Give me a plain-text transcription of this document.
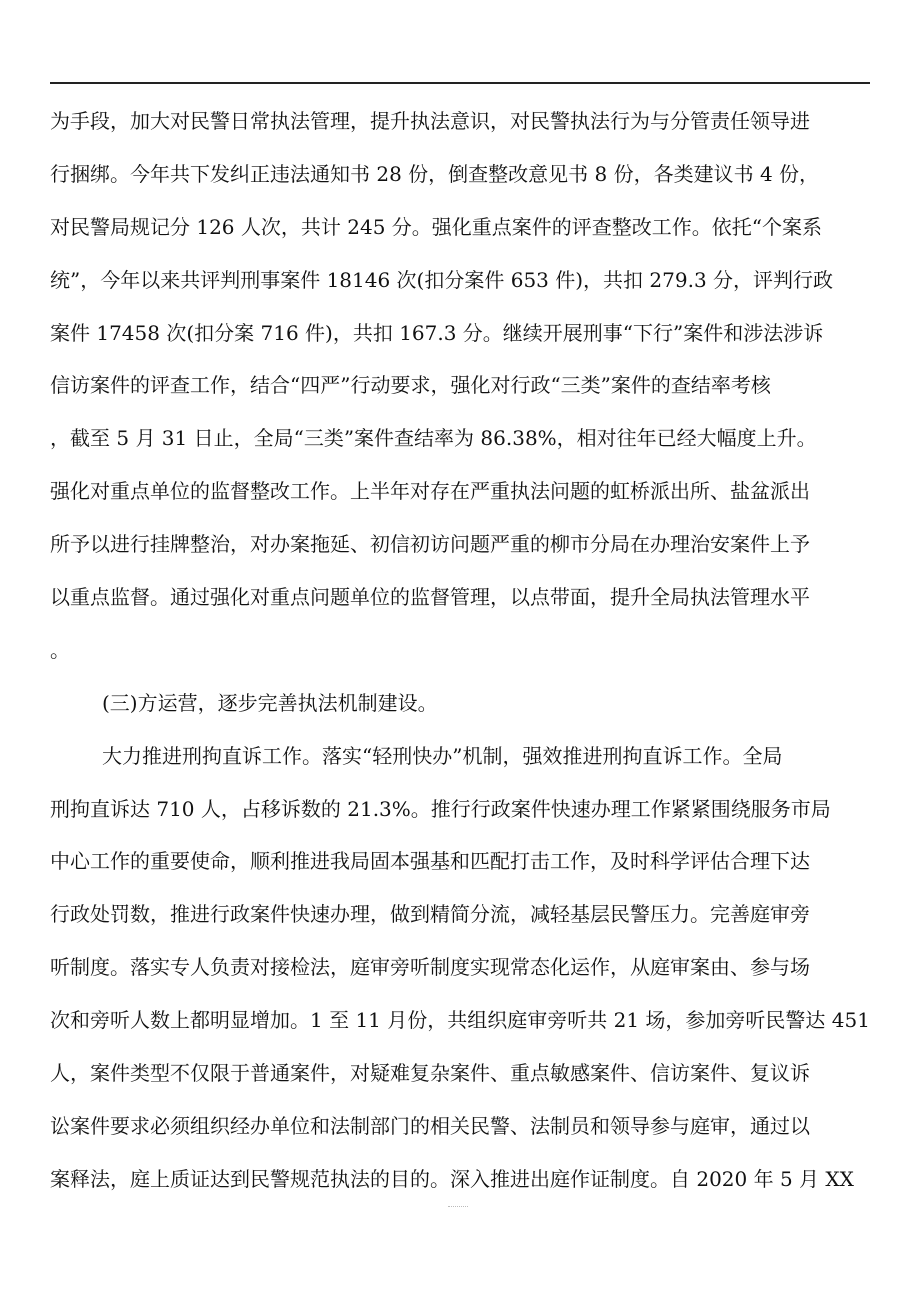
为手段，加大对民警日常执法管理，提升执法意识，对民警执法行为与分管责任领导进
行捆绑。今年共下发纠正违法通知书 28 份，倒查整改意见书 8 份，各类建议书 4 份，
对民警局规记分 126 人次，共计 245 分。强化重点案件的评查整改工作。依托“个案系
统”，今年以来共评判刑事案件 18146 次(扣分案件 653 件)，共扣 279.3 分，评判行政
案件 17458 次(扣分案 716 件)，共扣 167.3 分。继续开展刑事“下行”案件和涉法涉诉
信访案件的评查工作，结合“四严”行动要求，强化对行政“三类”案件的查结率考核
，截至 5 月 31 日止，全局“三类”案件查结率为 86.38%，相对往年已经大幅度上升。
强化对重点单位的监督整改工作。上半年对存在严重执法问题的虹桥派出所、盐盆派出
所予以进行挂牌整治，对办案拖延、初信初访问题严重的柳市分局在办理治安案件上予
以重点监督。通过强化对重点问题单位的监督管理，以点带面，提升全局执法管理水平
。
(三)方运营，逐步完善执法机制建设。
大力推进刑拘直诉工作。落实“轻刑快办”机制，强效推进刑拘直诉工作。全局
刑拘直诉达 710 人，占移诉数的 21.3%。推行行政案件快速办理工作紧紧围绕服务市局
中心工作的重要使命，顺利推进我局固本强基和匹配打击工作，及时科学评估合理下达
行政处罚数，推进行政案件快速办理，做到精简分流，减轻基层民警压力。完善庭审旁
听制度。落实专人负责对接检法，庭审旁听制度实现常态化运作，从庭审案由、参与场
次和旁听人数上都明显增加。1 至 11 月份，共组织庭审旁听共 21 场，参加旁听民警达 451
人，案件类型不仅限于普通案件，对疑难复杂案件、重点敏感案件、信访案件、复议诉
讼案件要求必须组织经办单位和法制部门的相关民警、法制员和领导参与庭审，通过以
案释法，庭上质证达到民警规范执法的目的。深入推进出庭作证制度。自 2020 年 5 月 XX
